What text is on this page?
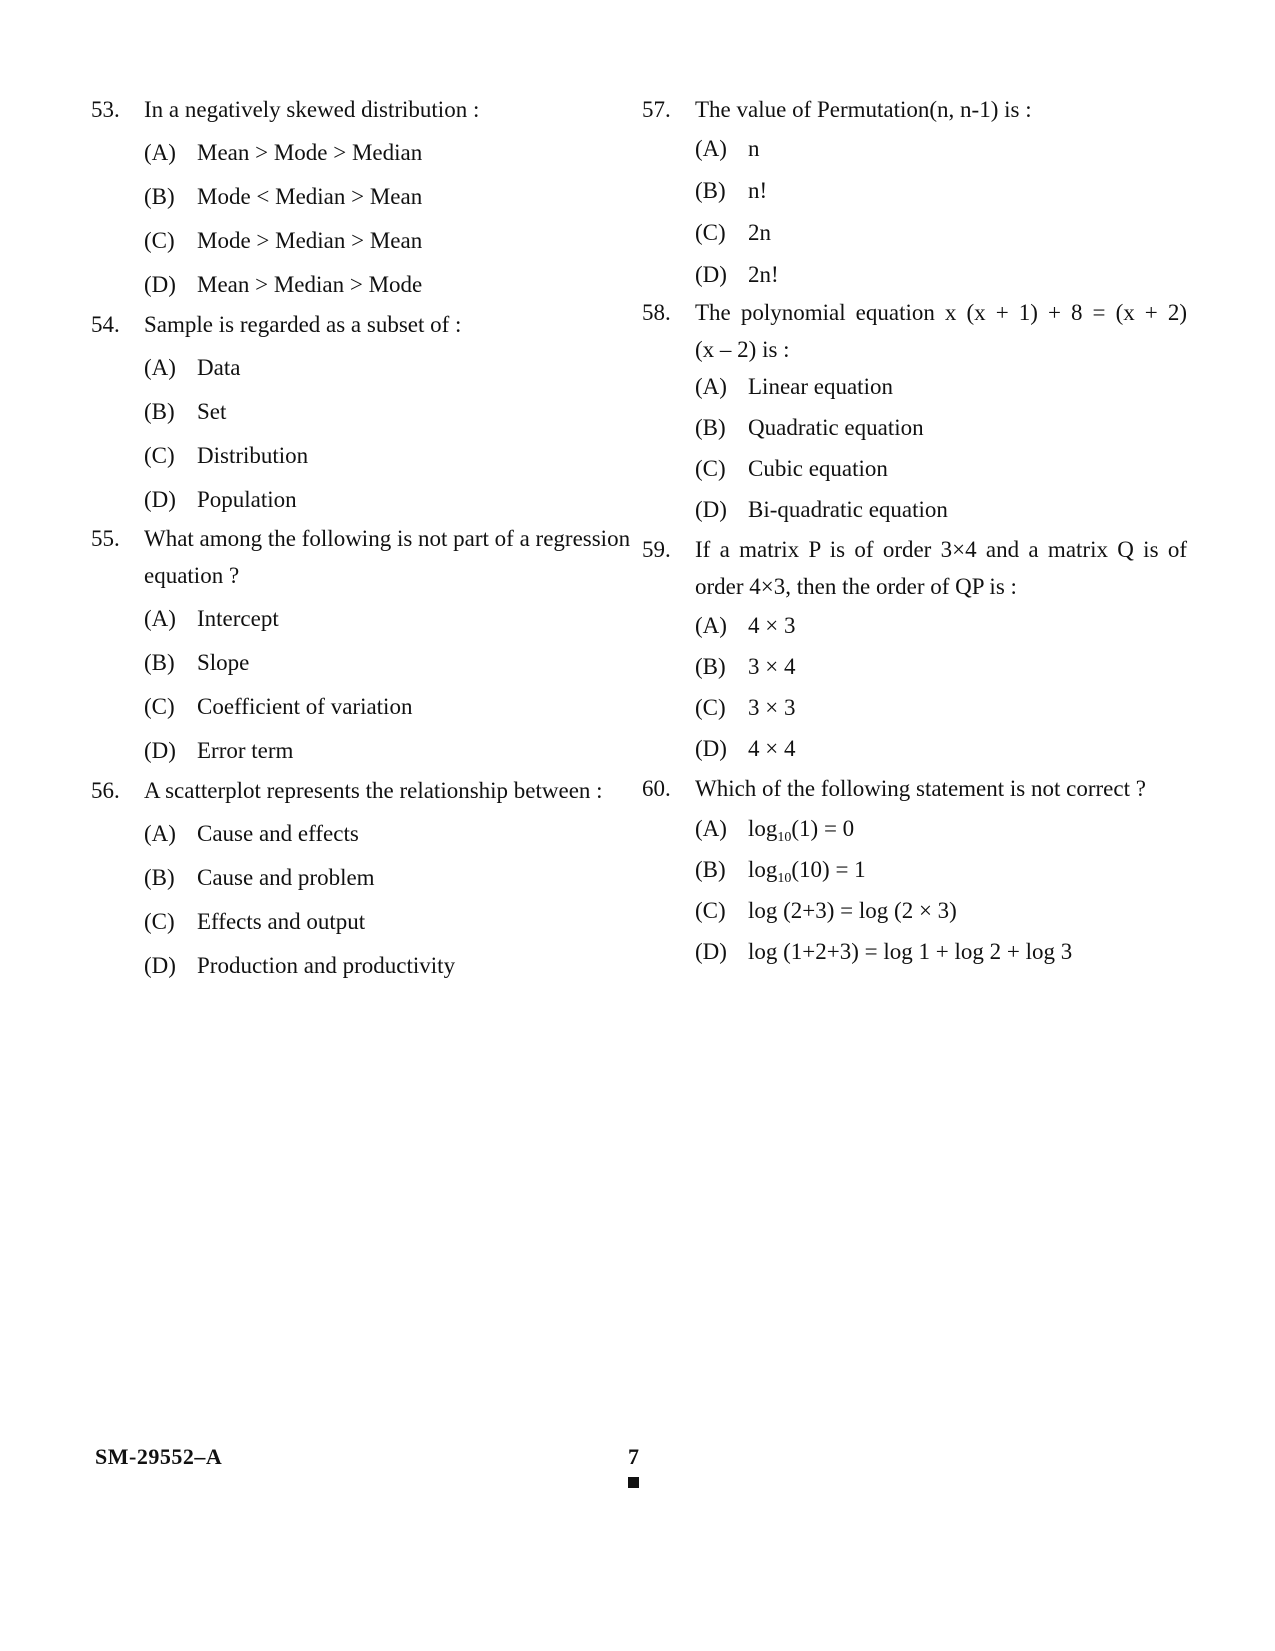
53. In a negatively skewed distribution :
(A) Mean > Mode > Median
(B) Mode < Median > Mean
(C) Mode > Median > Mean
(D) Mean > Median > Mode
54. Sample is regarded as a subset of :
(A) Data
(B) Set
(C) Distribution
(D) Population
55. What among the following is not part of a regression
equation ?
(A) Intercept
(B) Slope
(C) Coefficient of variation
(D) Error term
56. A scatterplot represents the relationship between :
(A) Cause and effects
(B) Cause and problem
(C) Effects and output
(D) Production and productivity
57. The value of Permutation(n, n-1) is :
(A) n
(B) n!
(C) 2n
(D) 2n!
58. The polynomial equation x (x + 1) + 8 = (x + 2)
(x – 2) is :
(A) Linear equation
(B) Quadratic equation
(C) Cubic equation
(D) Bi-quadratic equation
59. If a matrix P is of order 3×4 and a matrix Q is of
order 4×3, then the order of QP is :
(A) 4 × 3
(B) 3 × 4
(C) 3 × 3
(D) 4 × 4
60. Which of the following statement is not correct ?
(A) $\log_{10}(1) = 0$
(B) $\log_{10}(10) = 1$
(C) log (2+3) = log (2 × 3)
(D) log (1+2+3) = log 1 + log 2 + log 3
SM-29552–A	7
